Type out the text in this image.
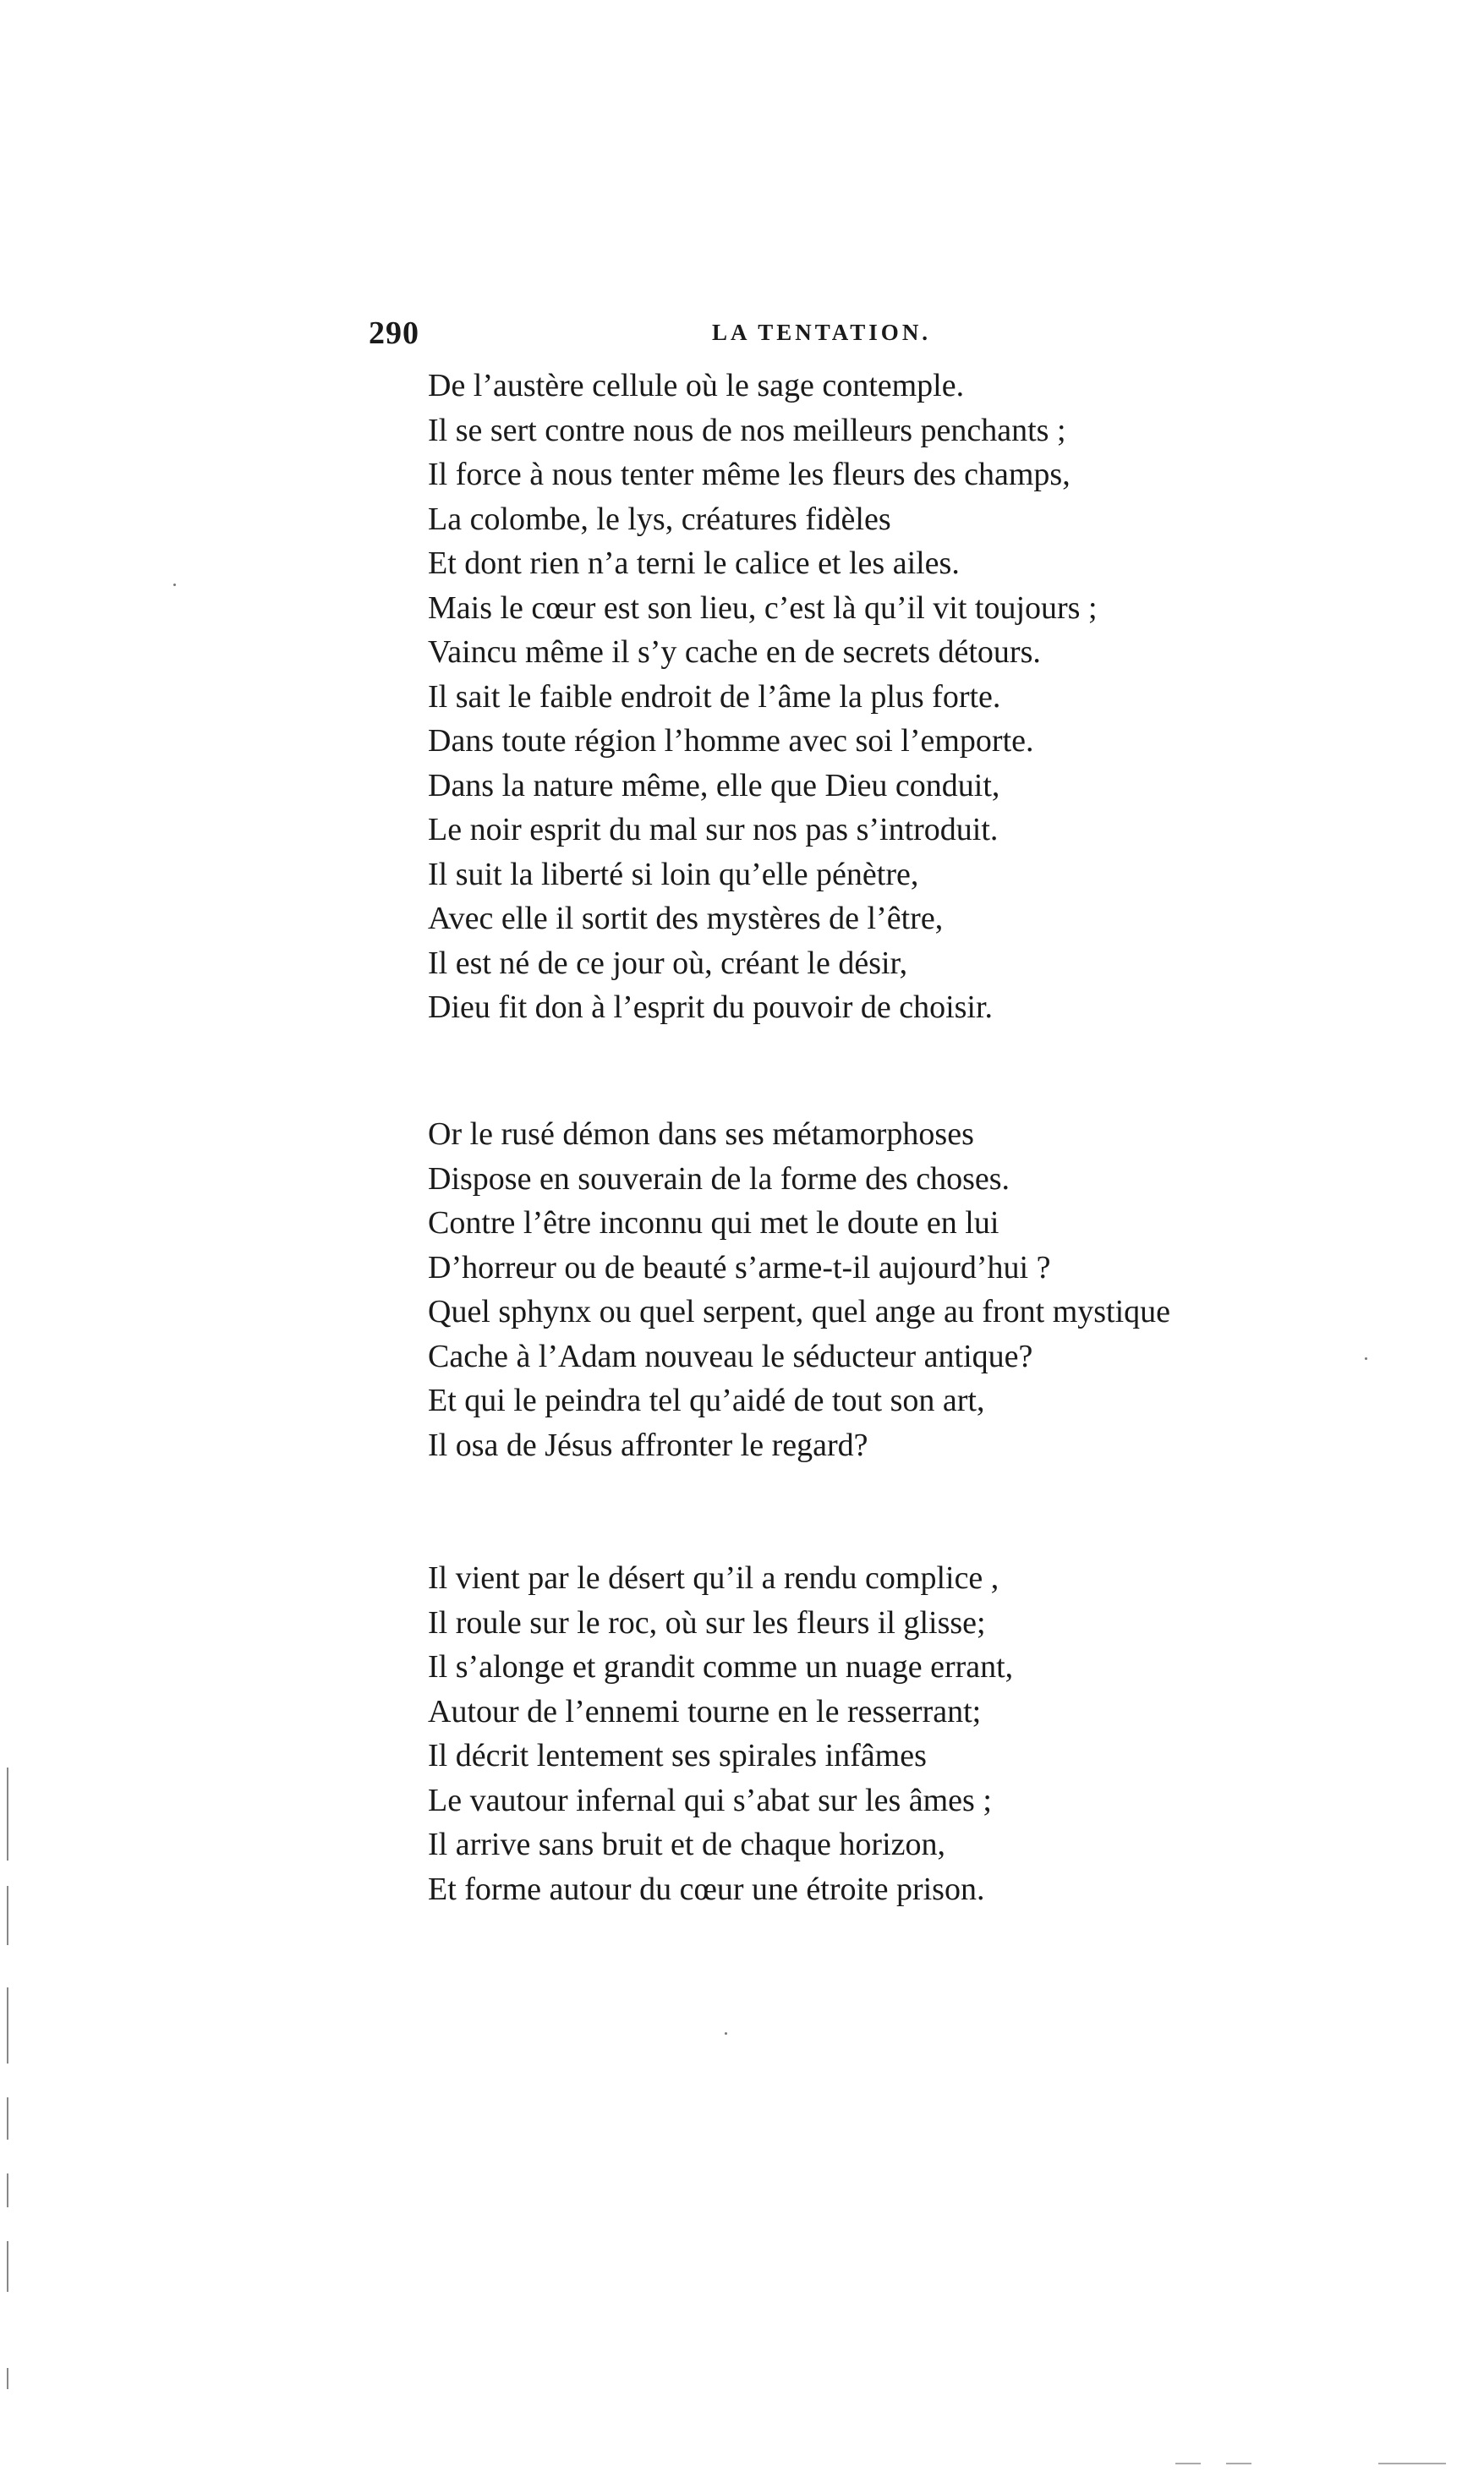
290	LA TENTATION.
De l’austère cellule où le sage contemple.
Il se sert contre nous de nos meilleurs penchants ;
Il force à nous tenter même les fleurs des champs,
La colombe, le lys, créatures fidèles
Et dont rien n’a terni le calice et les ailes.
Mais le cœur est son lieu, c’est là qu’il vit toujours ;
Vaincu même il s’y cache en de secrets détours.
Il sait le faible endroit de l’âme la plus forte.
Dans toute région l’homme avec soi l’emporte.
Dans la nature même, elle que Dieu conduit,
Le noir esprit du mal sur nos pas s’introduit.
Il suit la liberté si loin qu’elle pénètre,
Avec elle il sortit des mystères de l’être,
Il est né de ce jour où, créant le désir,
Dieu fit don à l’esprit du pouvoir de choisir.
Or le rusé démon dans ses métamorphoses
Dispose en souverain de la forme des choses.
Contre l’être inconnu qui met le doute en lui
D’horreur ou de beauté s’arme-t-il aujourd’hui ?
Quel sphynx ou quel serpent, quel ange au front mystique
Cache à l’Adam nouveau le séducteur antique?
Et qui le peindra tel qu’aidé de tout son art,
Il osa de Jésus affronter le regard?
Il vient par le désert qu’il a rendu complice ,
Il roule sur le roc, où sur les fleurs il glisse;
Il s’alonge et grandit comme un nuage errant,
Autour de l’ennemi tourne en le resserrant;
Il décrit lentement ses spirales infâmes
Le vautour infernal qui s’abat sur les âmes ;
Il arrive sans bruit et de chaque horizon,
Et forme autour du cœur une étroite prison.
